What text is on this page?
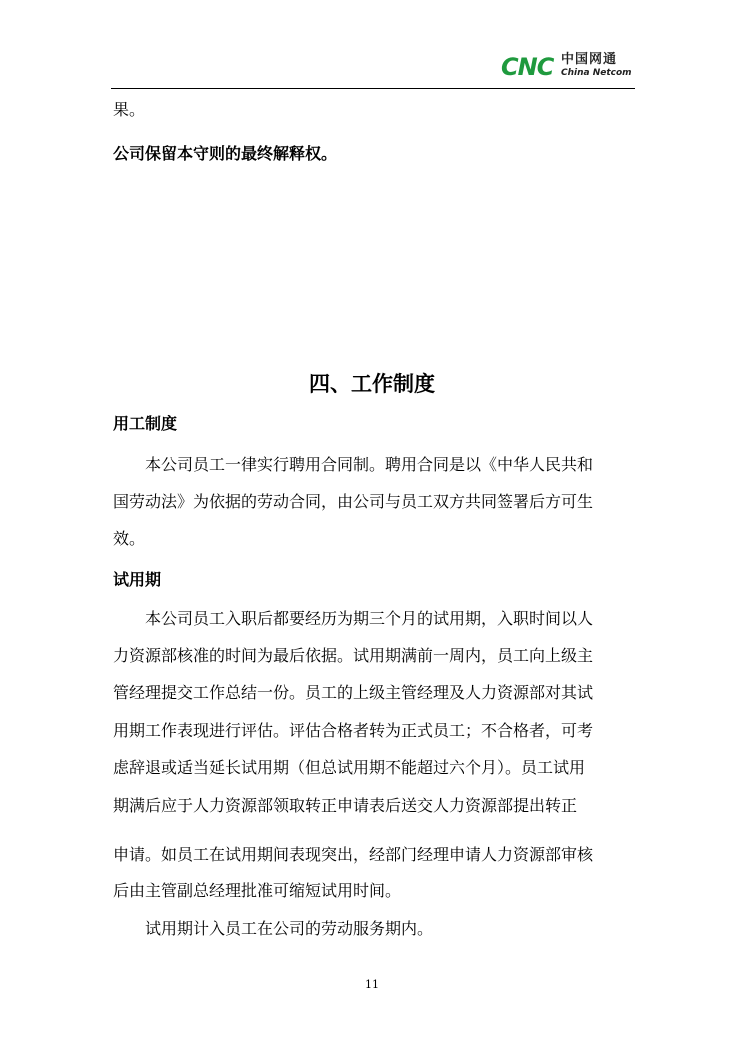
CNC 中国网通
China Netcom
果。
公司保留本守则的最终解释权。
四、工作制度
用工制度
本公司员工一律实行聘用合同制。聘用合同是以《中华人民共和
国劳动法》为依据的劳动合同，由公司与员工双方共同签署后方可生
效。
试用期
本公司员工入职后都要经历为期三个月的试用期，入职时间以人
力资源部核准的时间为最后依据。试用期满前一周内，员工向上级主
管经理提交工作总结一份。员工的上级主管经理及人力资源部对其试
用期工作表现进行评估。评估合格者转为正式员工；不合格者，可考
虑辞退或适当延长试用期（但总试用期不能超过六个月）。员工试用
期满后应于人力资源部领取转正申请表后送交人力资源部提出转正
申请。如员工在试用期间表现突出，经部门经理申请人力资源部审核
后由主管副总经理批准可缩短试用时间。
试用期计入员工在公司的劳动服务期内。
11
